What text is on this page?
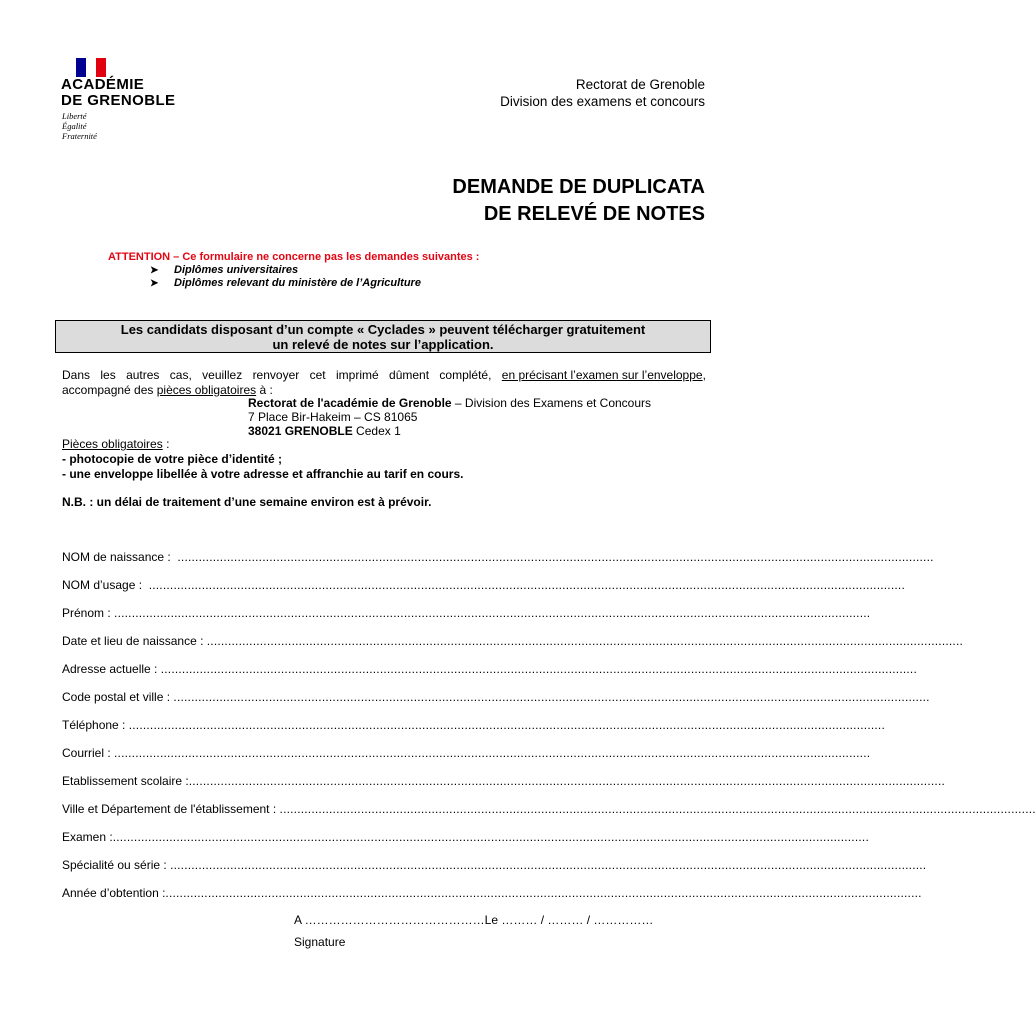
ACADÉMIE
DE GRENOBLE
Liberté
Égalité
Fraternité
Rectorat de Grenoble
Division des examens et concours
DEMANDE DE DUPLICATA
DE RELEVÉ DE NOTES
ATTENTION – Ce formulaire ne concerne pas les demandes suivantes :
➤	Diplômes universitaires
➤	Diplômes relevant du ministère de l’Agriculture
Les candidats disposant d’un compte « Cyclades » peuvent télécharger gratuitement
un relevé de notes sur l’application.
Dans les autres cas, veuillez renvoyer cet imprimé dûment complété, en précisant l’examen sur l’enveloppe,
accompagné des pièces obligatoires à :
Rectorat de l'académie de Grenoble – Division des Examens et Concours
7 Place Bir-Hakeim – CS 81065
38021 GRENOBLE Cedex 1
Pièces obligatoires :
- photocopie de votre pièce d’identité ;
- une enveloppe libellée à votre adresse et affranchie au tarif en cours.
N.B. : un délai de traitement d’une semaine environ est à prévoir.
NOM de naissance : ......................................................................................................................................................................................................................
NOM d’usage : ......................................................................................................................................................................................................................
Prénom : ......................................................................................................................................................................................................................
Date et lieu de naissance : ......................................................................................................................................................................................................................
Adresse actuelle : ......................................................................................................................................................................................................................
Code postal et ville : ......................................................................................................................................................................................................................
Téléphone : ......................................................................................................................................................................................................................
Courriel : ......................................................................................................................................................................................................................
Etablissement scolaire : ......................................................................................................................................................................................................................
Ville et Département de l'établissement : ......................................................................................................................................................................................................................
Examen : ......................................................................................................................................................................................................................
Spécialité ou série : ......................................................................................................................................................................................................................
Année d’obtention : ......................................................................................................................................................................................................................
A ………………………………………Le ……… / ……… / ……………
Signature
